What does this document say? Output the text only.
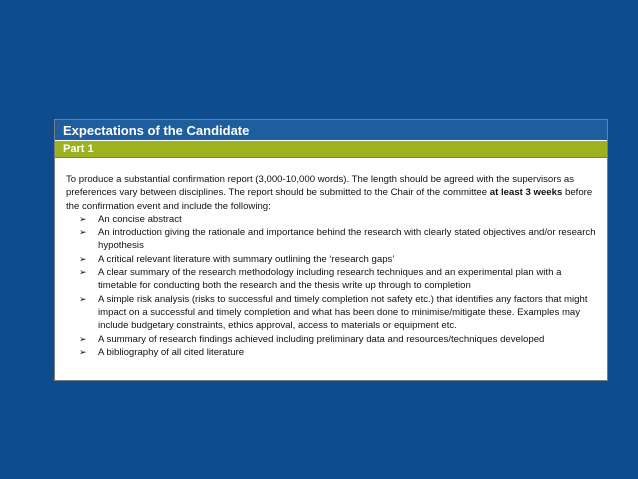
Expectations of the Candidate
Part 1

To produce a substantial confirmation report (3,000-10,000 words). The length should be agreed with the supervisors as preferences vary between disciplines. The report should be submitted to the Chair of the committee at least 3 weeks before the confirmation event and include the following:

➢ An concise abstract
➢ An introduction giving the rationale and importance behind the research with clearly stated objectives and/or research hypothesis
➢ A critical relevant literature with summary outlining the ‘research gaps’
➢ A clear summary of the research methodology including research techniques and an experimental plan with a timetable for conducting both the research and the thesis write up through to completion
➢ A simple risk analysis (risks to successful and timely completion not safety etc.) that identifies any factors that might impact on a successful and timely completion and what has been done to minimise/mitigate these. Examples may include budgetary constraints, ethics approval, access to materials or equipment etc.
➢ A summary of research findings achieved including preliminary data and resources/techniques developed
➢ A bibliography of all cited literature
